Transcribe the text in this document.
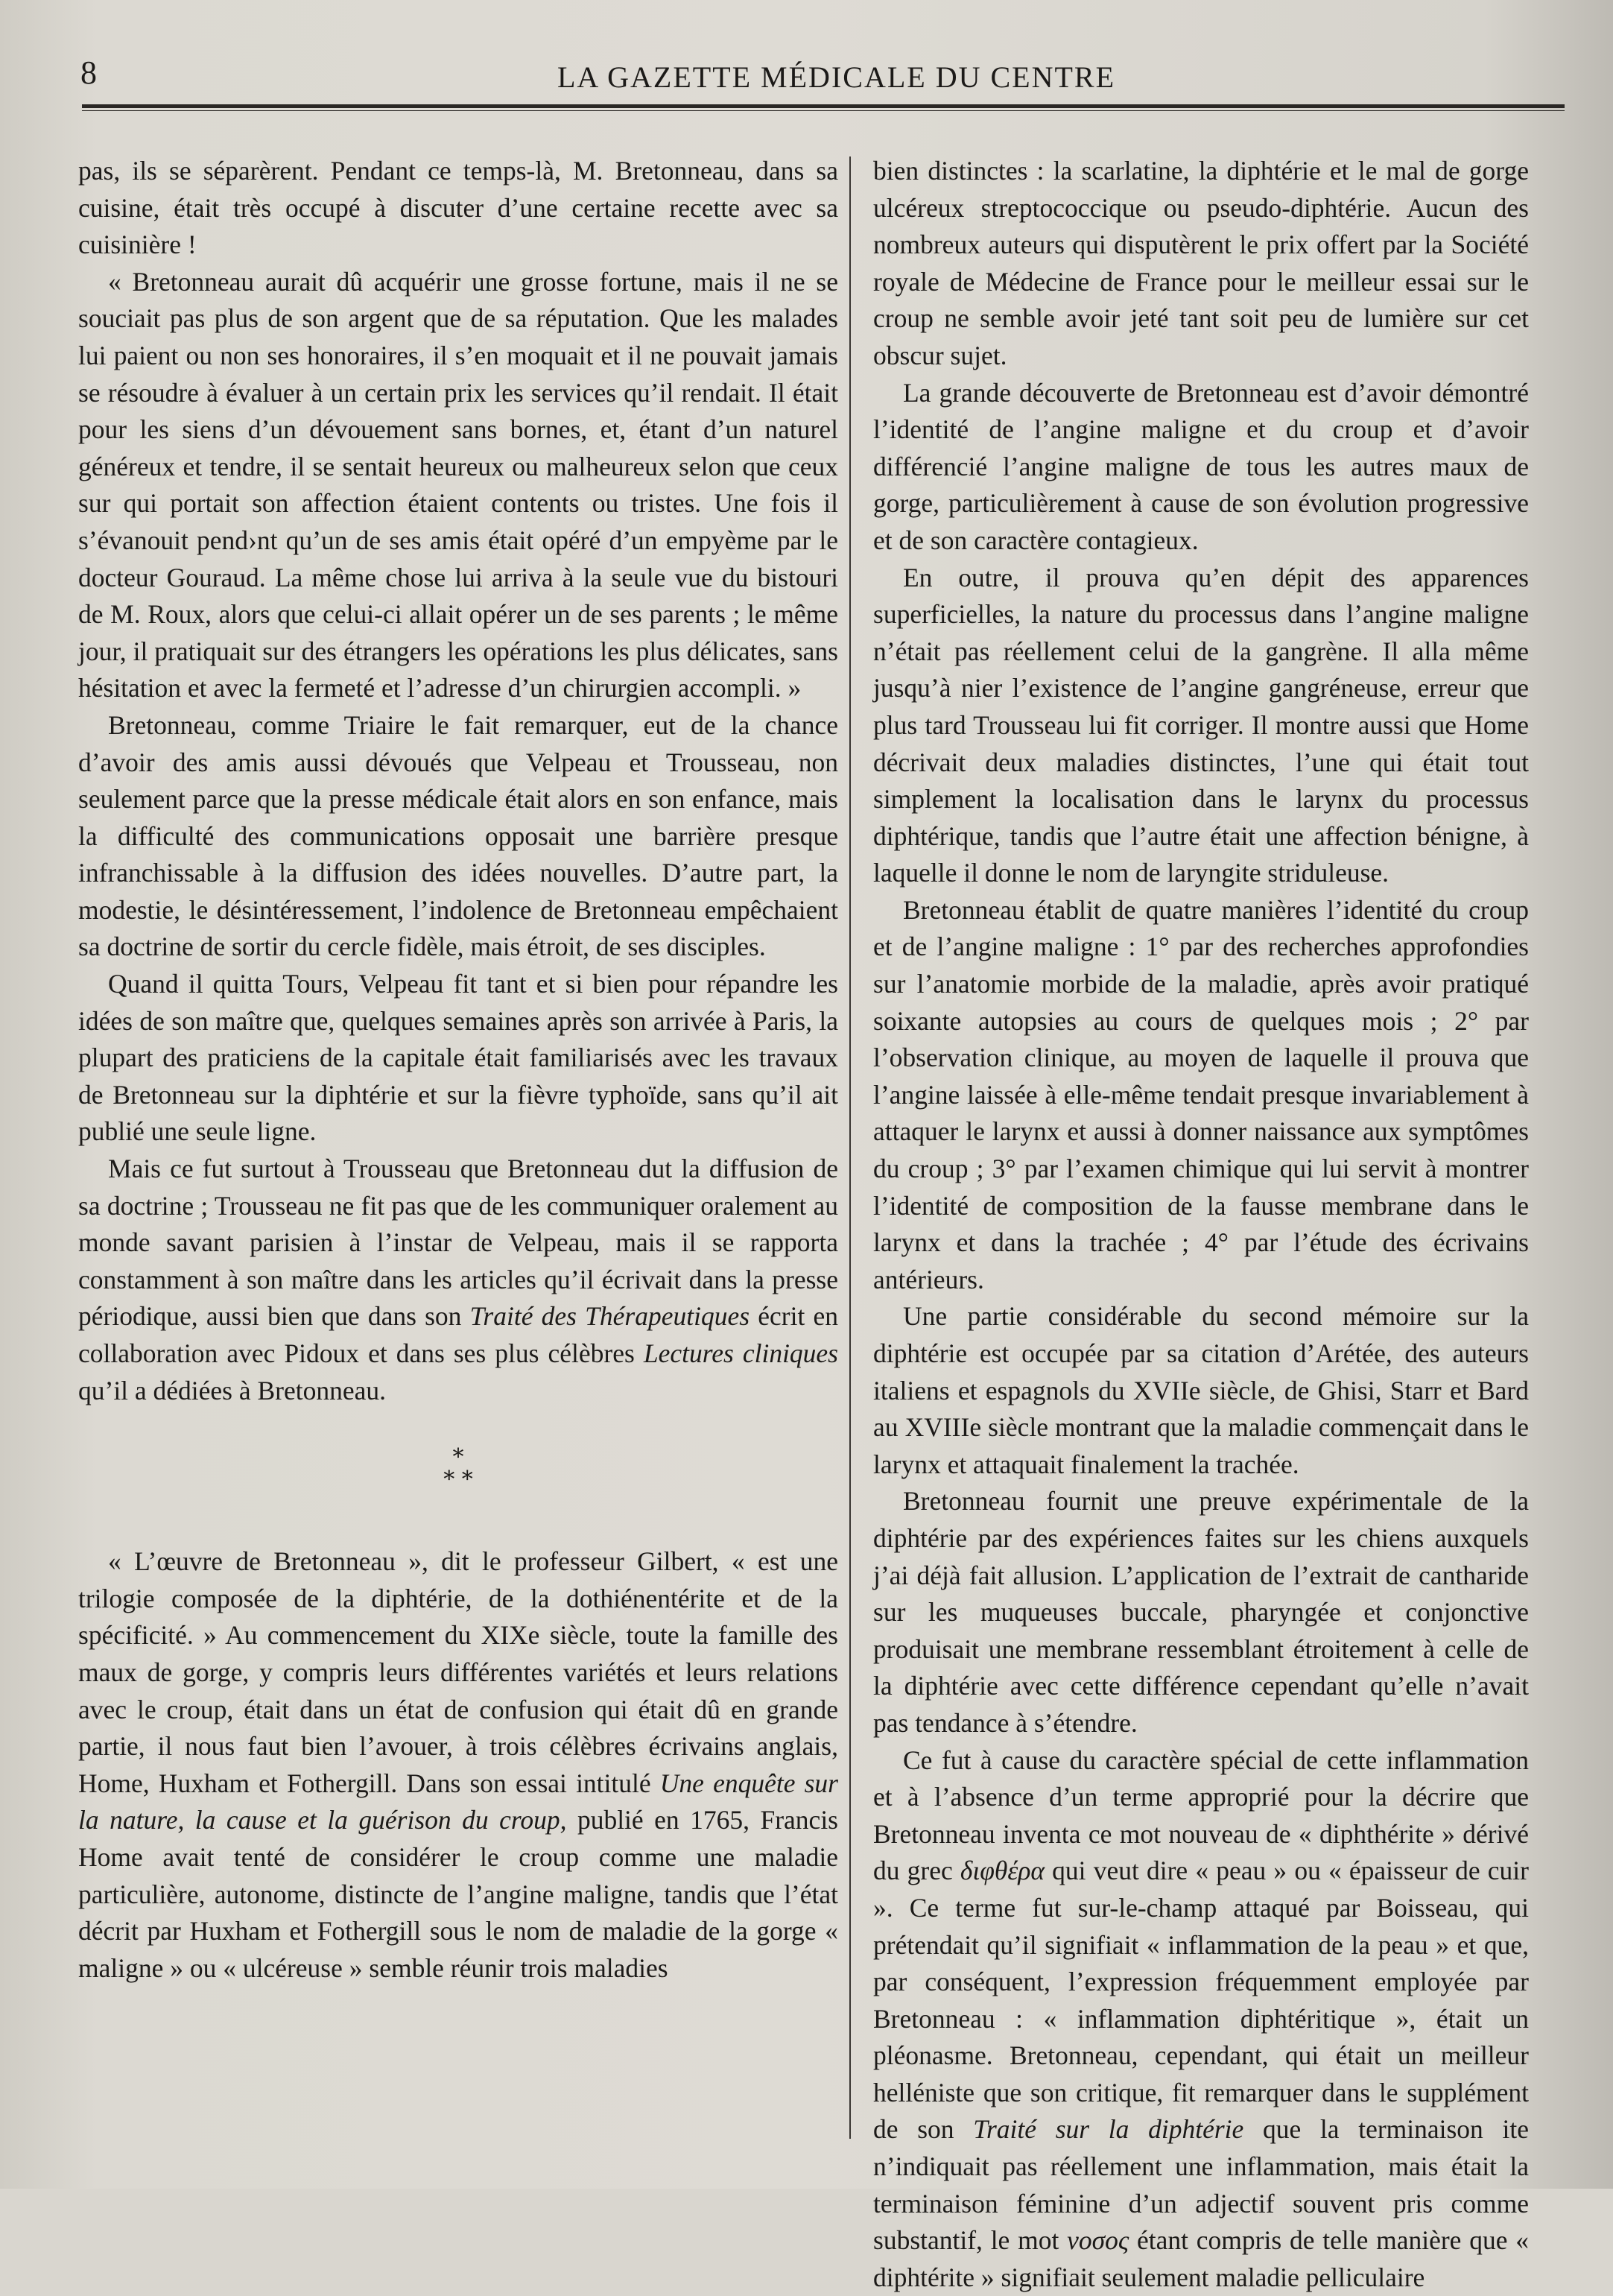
8	LA GAZETTE MÉDICALE DU CENTRE

pas, ils se séparèrent. Pendant ce temps-là, M. Bretonneau, dans sa cuisine, était très occupé à discuter d’une certaine recette avec sa cuisinière !

« Bretonneau aurait dû acquérir une grosse fortune, mais il ne se souciait pas plus de son argent que de sa réputation. Que les malades lui paient ou non ses honoraires, il s’en moquait et il ne pouvait jamais se résoudre à évaluer à un certain prix les services qu’il rendait. Il était pour les siens d’un dévouement sans bornes, et, étant d’un naturel généreux et tendre, il se sentait heureux ou malheureux selon que ceux sur qui portait son affection étaient contents ou tristes. Une fois il s’évanouit pend›nt qu’un de ses amis était opéré d’un empyème par le docteur Gouraud. La même chose lui arriva à la seule vue du bistouri de M. Roux, alors que celui-ci allait opérer un de ses parents ; le même jour, il pratiquait sur des étrangers les opérations les plus délicates, sans hésitation et avec la fermeté et l’adresse d’un chirurgien accompli. »

Bretonneau, comme Triaire le fait remarquer, eut de la chance d’avoir des amis aussi dévoués que Velpeau et Trousseau, non seulement parce que la presse médicale était alors en son enfance, mais la difficulté des communications opposait une barrière presque infranchissable à la diffusion des idées nouvelles. D’autre part, la modestie, le désintéressement, l’indolence de Bretonneau empêchaient sa doctrine de sortir du cercle fidèle, mais étroit, de ses disciples.

Quand il quitta Tours, Velpeau fit tant et si bien pour répandre les idées de son maître que, quelques semaines après son arrivée à Paris, la plupart des praticiens de la capitale était familiarisés avec les travaux de Bretonneau sur la diphtérie et sur la fièvre typhoïde, sans qu’il ait publié une seule ligne.

Mais ce fut surtout à Trousseau que Bretonneau dut la diffusion de sa doctrine ; Trousseau ne fit pas que de les communiquer oralement au monde savant parisien à l’instar de Velpeau, mais il se rapporta constamment à son maître dans les articles qu’il écrivait dans la presse périodique, aussi bien que dans son Traité des Thérapeutiques écrit en collaboration avec Pidoux et dans ses plus célèbres Lectures cliniques qu’il a dédiées à Bretonneau.

*
* *

« L’œuvre de Bretonneau », dit le professeur Gilbert, « est une trilogie composée de la diphtérie, de la dothiénentérite et de la spécificité. » Au commencement du XIXe siècle, toute la famille des maux de gorge, y compris leurs différentes variétés et leurs relations avec le croup, était dans un état de confusion qui était dû en grande partie, il nous faut bien l’avouer, à trois célèbres écrivains anglais, Home, Huxham et Fothergill. Dans son essai intitulé Une enquête sur la nature, la cause et la guérison du croup, publié en 1765, Francis Home avait tenté de considérer le croup comme une maladie particulière, autonome, distincte de l’angine maligne, tandis que l’état décrit par Huxham et Fothergill sous le nom de maladie de la gorge « maligne » ou « ulcéreuse » semble réunir trois maladies

bien distinctes : la scarlatine, la diphtérie et le mal de gorge ulcéreux streptococcique ou pseudo-diphtérie. Aucun des nombreux auteurs qui disputèrent le prix offert par la Société royale de Médecine de France pour le meilleur essai sur le croup ne semble avoir jeté tant soit peu de lumière sur cet obscur sujet.

La grande découverte de Bretonneau est d’avoir démontré l’identité de l’angine maligne et du croup et d’avoir différencié l’angine maligne de tous les autres maux de gorge, particulièrement à cause de son évolution progressive et de son caractère contagieux.

En outre, il prouva qu’en dépit des apparences superficielles, la nature du processus dans l’angine maligne n’était pas réellement celui de la gangrène. Il alla même jusqu’à nier l’existence de l’angine gangréneuse, erreur que plus tard Trousseau lui fit corriger. Il montre aussi que Home décrivait deux maladies distinctes, l’une qui était tout simplement la localisation dans le larynx du processus diphtérique, tandis que l’autre était une affection bénigne, à laquelle il donne le nom de laryngite striduleuse.

Bretonneau établit de quatre manières l’identité du croup et de l’angine maligne : 1° par des recherches approfondies sur l’anatomie morbide de la maladie, après avoir pratiqué soixante autopsies au cours de quelques mois ; 2° par l’observation clinique, au moyen de laquelle il prouva que l’angine laissée à elle-même tendait presque invariablement à attaquer le larynx et aussi à donner naissance aux symptômes du croup ; 3° par l’examen chimique qui lui servit à montrer l’identité de composition de la fausse membrane dans le larynx et dans la trachée ; 4° par l’étude des écrivains antérieurs.

Une partie considérable du second mémoire sur la diphtérie est occupée par sa citation d’Arétée, des auteurs italiens et espagnols du XVIIe siècle, de Ghisi, Starr et Bard au XVIIIe siècle montrant que la maladie commençait dans le larynx et attaquait finalement la trachée.

Bretonneau fournit une preuve expérimentale de la diphtérie par des expériences faites sur les chiens auxquels j’ai déjà fait allusion. L’application de l’extrait de cantharide sur les muqueuses buccale, pharyngée et conjonctive produisait une membrane ressemblant étroitement à celle de la diphtérie avec cette différence cependant qu’elle n’avait pas tendance à s’étendre.

Ce fut à cause du caractère spécial de cette inflammation et à l’absence d’un terme approprié pour la décrire que Bretonneau inventa ce mot nouveau de « diphthérite » dérivé du grec διφθέρα qui veut dire « peau » ou « épaisseur de cuir ». Ce terme fut sur-le-champ attaqué par Boisseau, qui prétendait qu’il signifiait « inflammation de la peau » et que, par conséquent, l’expression fréquemment employée par Bretonneau : « inflammation diphtéritique », était un pléonasme. Bretonneau, cependant, qui était un meilleur helléniste que son critique, fit remarquer dans le supplément de son Traité sur la diphtérie que la terminaison ite n’indiquait pas réellement une inflammation, mais était la terminaison féminine d’un adjectif souvent pris comme substantif, le mot νοσος étant compris de telle manière que « diphtérite » signifiait seulement maladie pelliculaire
